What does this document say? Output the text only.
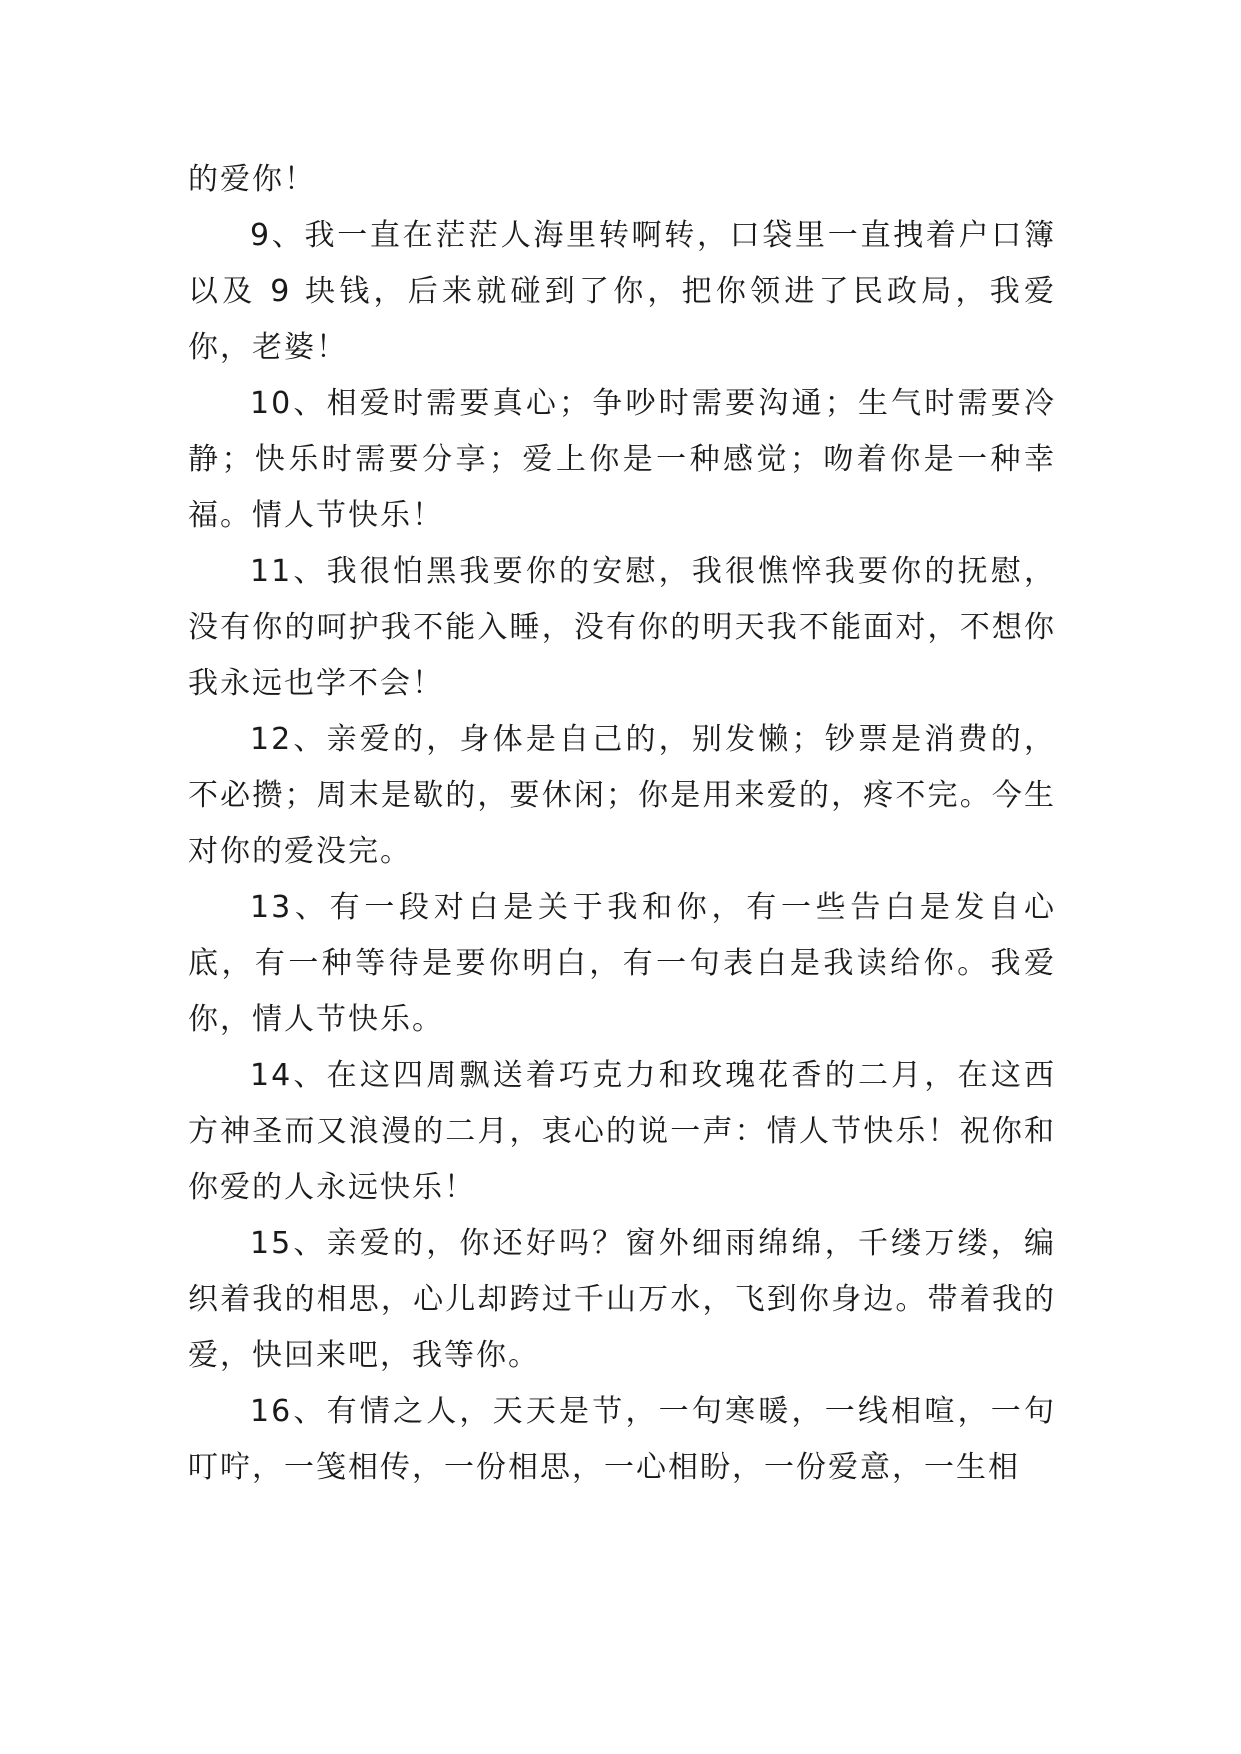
的爱你！

9、我一直在茫茫人海里转啊转，口袋里一直拽着户口簿以及 9 块钱，后来就碰到了你，把你领进了民政局，我爱你，老婆！

10、相爱时需要真心；争吵时需要沟通；生气时需要冷静；快乐时需要分享；爱上你是一种感觉；吻着你是一种幸福。情人节快乐！

11、我很怕黑我要你的安慰，我很憔悴我要你的抚慰，没有你的呵护我不能入睡，没有你的明天我不能面对，不想你我永远也学不会！

12、亲爱的，身体是自己的，别发懒；钞票是消费的，不必攒；周末是歇的，要休闲；你是用来爱的，疼不完。今生对你的爱没完。

13、有一段对白是关于我和你，有一些告白是发自心底，有一种等待是要你明白，有一句表白是我读给你。我爱你，情人节快乐。

14、在这四周飘送着巧克力和玫瑰花香的二月，在这西方神圣而又浪漫的二月，衷心的说一声：情人节快乐！祝你和你爱的人永远快乐！

15、亲爱的，你还好吗？窗外细雨绵绵，千缕万缕，编织着我的相思，心儿却跨过千山万水，飞到你身边。带着我的爱，快回来吧，我等你。

16、有情之人，天天是节，一句寒暖，一线相喧，一句叮咛，一笺相传，一份相思，一心相盼，一份爱意，一生相
